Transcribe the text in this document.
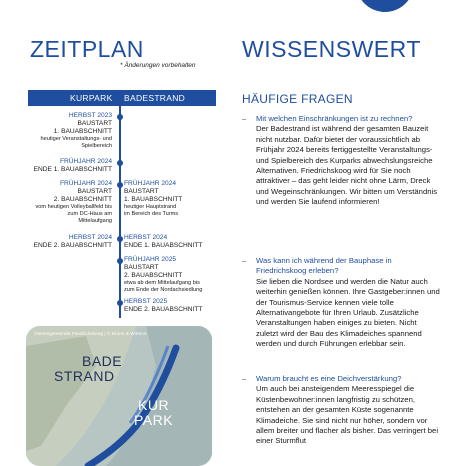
ZEITPLAN
* Änderungen vorbehalten
KURPARK BADESTRAND
HERBST 2023
BAUSTART
1. BAUABSCHNITT
heutiger Veranstaltungs- und
Spielbereich
FRÜHJAHR 2024
ENDE 1. BAUABSCHNITT
FRÜHJAHR 2024
BAUSTART
2. BAUABSCHNITT
vom heutigen Volleyballfeld bis
zum DC-Haus am
Mittelaufgang
FRÜHJAHR 2024
BAUSTART
1. BAUABSCHNITT
heutiger Hauptstrand
im Bereich des Turms
HERBST 2024
ENDE 2. BAUABSCHNITT
HERBST 2024
ENDE 1. BAUABSCHNITT
FRÜHJAHR 2025
BAUSTART
2. BAUABSCHNITT
etwa ab dem Mittelaufgang bis
zum Ende der Nordachsiedlung
HERBST 2025
ENDE 2. BAUABSCHNITT
Ostseegemeinde Friedrichskoog | © Bruns & Wittens
BADE
STRAND
KUR
PARK
WISSENSWERT
HÄUFIGE FRAGEN
– Mit welchen Einschränkungen ist zu rechnen?
Der Badestrand ist während der gesamten Bauzeit nicht nutzbar. Dafür bietet der voraussichtlich ab Frühjahr 2024 bereits fertiggestellte Veranstaltungs- und Spielbereich des Kurparks abwechslungsreiche Alternativen. Friedrichskoog wird für Sie noch attraktiver – das geht leider nicht ohne Lärm, Dreck und Wegeinschränkungen. Wir bitten um Verständnis und werden Sie laufend informieren!
– Was kann ich während der Bauphase in Friedrichskoog erleben?
Sie lieben die Nordsee und werden die Natur auch weiterhin genießen können. Ihre Gastgeber:innen und der Tourismus-Service kennen viele tolle Alternativangebote für Ihren Urlaub. Zusätzliche Veranstaltungen haben einiges zu bieten. Nicht zuletzt wird der Bau des Klimadeiches spannend werden und durch Führungen erlebbar sein.
– Warum braucht es eine Deichverstärkung?
Um auch bei ansteigendem Meeresspiegel die Küstenbewohner:innen langfristig zu schützen, entstehen an der gesamten Küste sogenannte Klimadeiche. Sie sind nicht nur höher, sondern vor allem breiter und flacher als bisher. Das verringert bei einer Sturmflut
